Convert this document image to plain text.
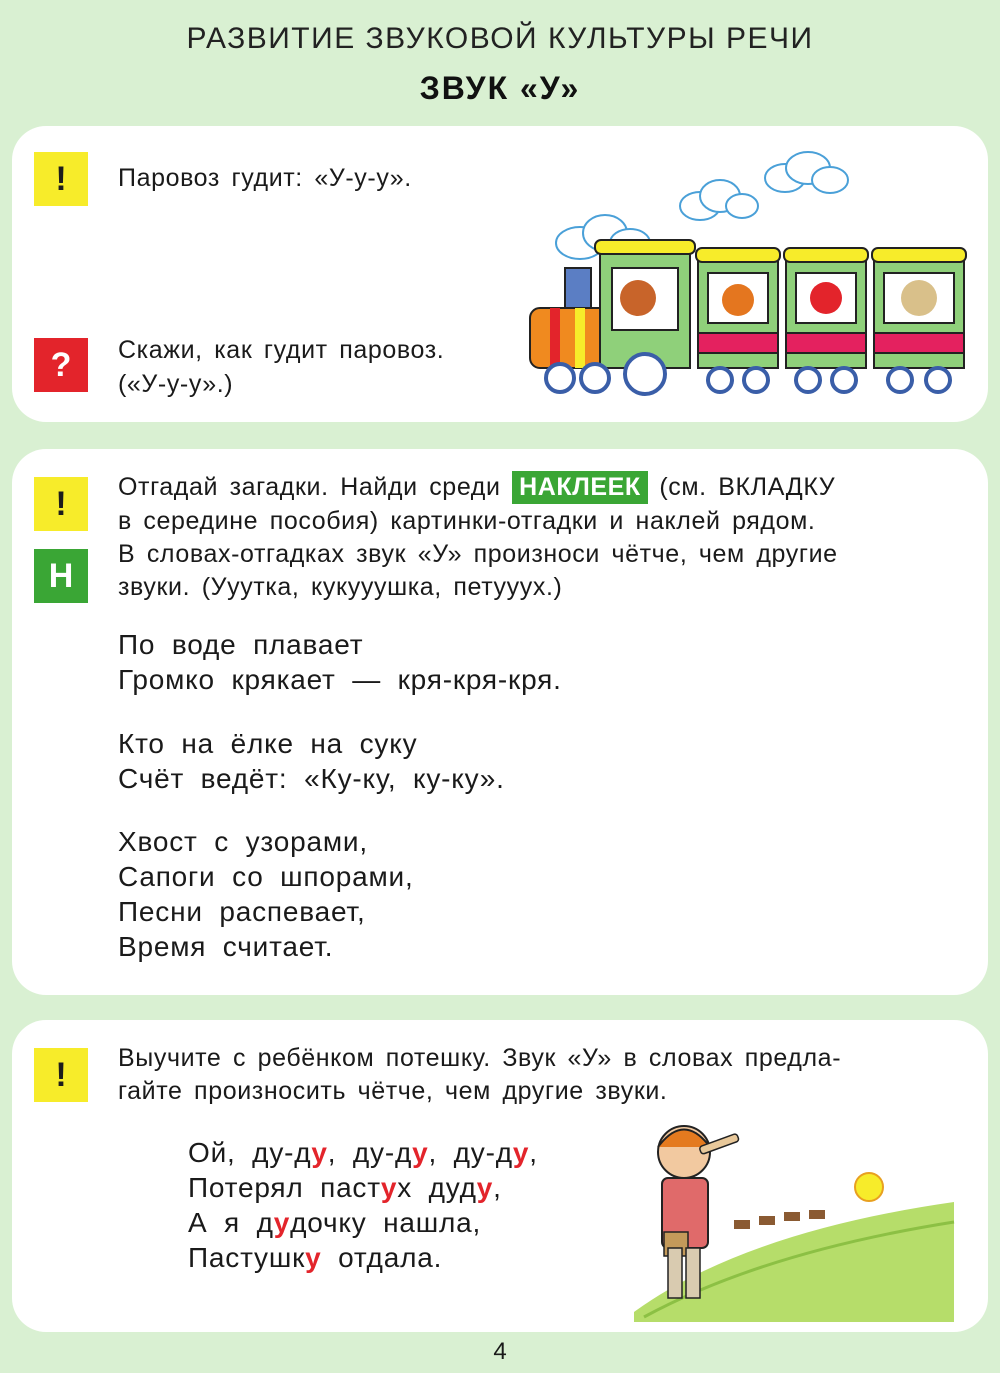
РАЗВИТИЕ ЗВУКОВОЙ КУЛЬТУРЫ РЕЧИ
ЗВУК «У»
!	Паровоз гудит: «У-у-у».
?	Скажи, как гудит паровоз.
(«У-у-у».)
!
Н
Отгадай загадки. Найди среди НАКЛЕЕК (см. ВКЛАДКУ
в середине пособия) картинки-отгадки и наклей рядом.
В словах-отгадках звук «У» произноси чётче, чем другие
звуки. (Ууутка, кукууушка, петууух.)
По воде плавает
Громко крякает — кря-кря-кря.
Кто на ёлке на суку
Счёт ведёт: «Ку-ку, ку-ку».
Хвост с узорами,
Сапоги со шпорами,
Песни распевает,
Время считает.
!	Выучите с ребёнком потешку. Звук «У» в словах предла-
гайте произносить чётче, чем другие звуки.
Ой, ду-ду, ду-ду, ду-ду,
Потерял пастух дуду,
А я дудочку нашла,
Пастушку отдала.
4
